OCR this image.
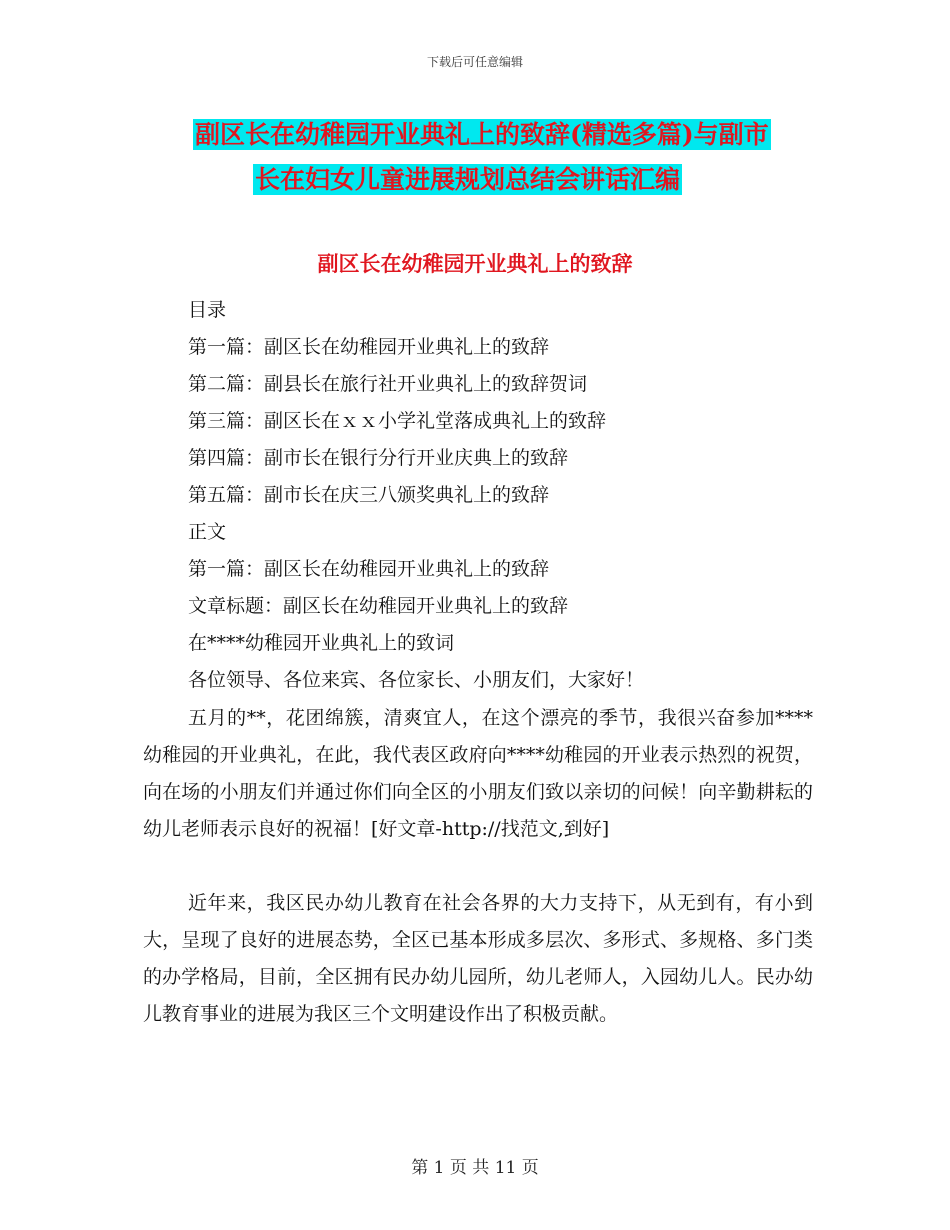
下载后可任意编辑
副区长在幼稚园开业典礼上的致辞(精选多篇)与副市
长在妇女儿童进展规划总结会讲话汇编
副区长在幼稚园开业典礼上的致辞
目录
第一篇：副区长在幼稚园开业典礼上的致辞
第二篇：副县长在旅行社开业典礼上的致辞贺词
第三篇：副区长在ｘｘ小学礼堂落成典礼上的致辞
第四篇：副市长在银行分行开业庆典上的致辞
第五篇：副市长在庆三八颁奖典礼上的致辞
正文
第一篇：副区长在幼稚园开业典礼上的致辞
文章标题：副区长在幼稚园开业典礼上的致辞
在****幼稚园开业典礼上的致词
各位领导、各位来宾、各位家长、小朋友们，大家好！
五月的**，花团绵簇，清爽宜人，在这个漂亮的季节，我很兴奋参加****幼稚园的开业典礼，在此，我代表区政府向****幼稚园的开业表示热烈的祝贺，向在场的小朋友们并通过你们向全区的小朋友们致以亲切的问候！向辛勤耕耘的幼儿老师表示良好的祝福！[好文章-http://找范文,到好]
近年来，我区民办幼儿教育在社会各界的大力支持下，从无到有，有小到大，呈现了良好的进展态势，全区已基本形成多层次、多形式、多规格、多门类的办学格局，目前，全区拥有民办幼儿园所，幼儿老师人，入园幼儿人。民办幼儿教育事业的进展为我区三个文明建设作出了积极贡献。
第 1 页 共 11 页
